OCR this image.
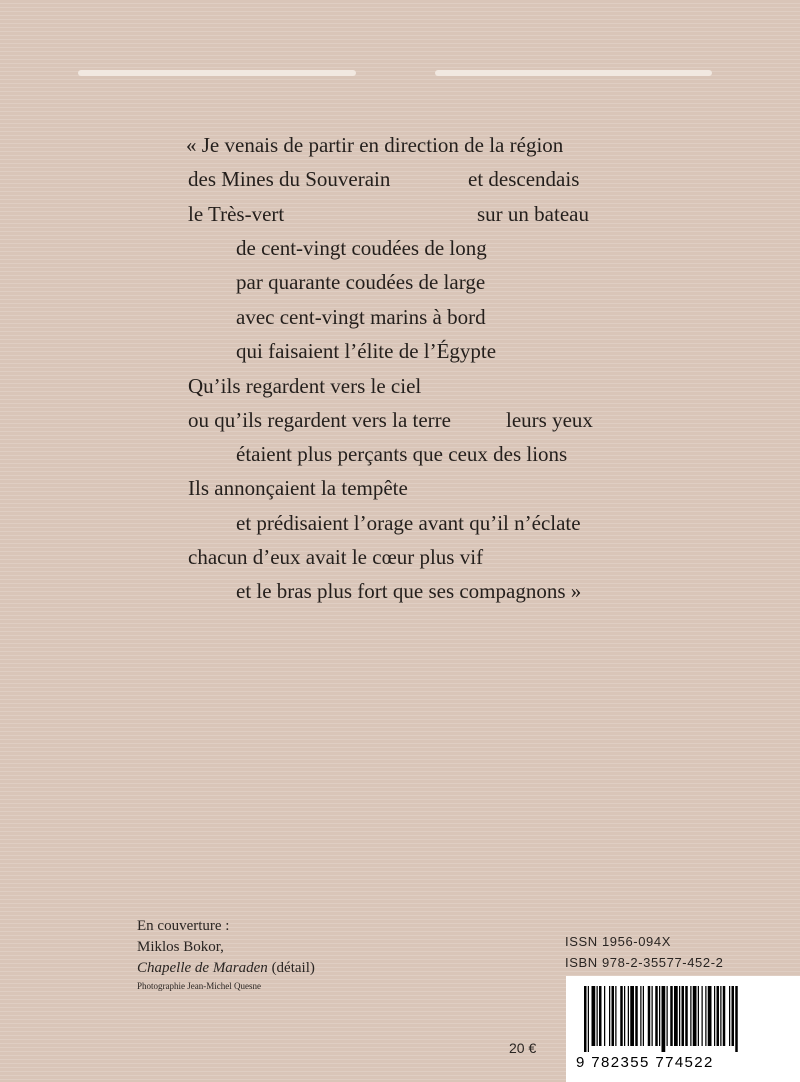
« Je venais de partir en direction de la région
des Mines du Souverain	et descendais
le Très-vert	sur un bateau
de cent-vingt coudées de long
par quarante coudées de large
avec cent-vingt marins à bord
qui faisaient l’élite de l’Égypte
Qu’ils regardent vers le ciel
ou qu’ils regardent vers la terre	leurs yeux
étaient plus perçants que ceux des lions
Ils annonçaient la tempête
et prédisaient l’orage avant qu’il n’éclate
chacun d’eux avait le cœur plus vif
et le bras plus fort que ses compagnons »
En couverture :
Miklos Bokor,
Chapelle de Maraden (détail)
Photographie Jean-Michel Quesne
ISSN 1956-094X
ISBN 978-2-35577-452-2
20 €
9 782355 774522
